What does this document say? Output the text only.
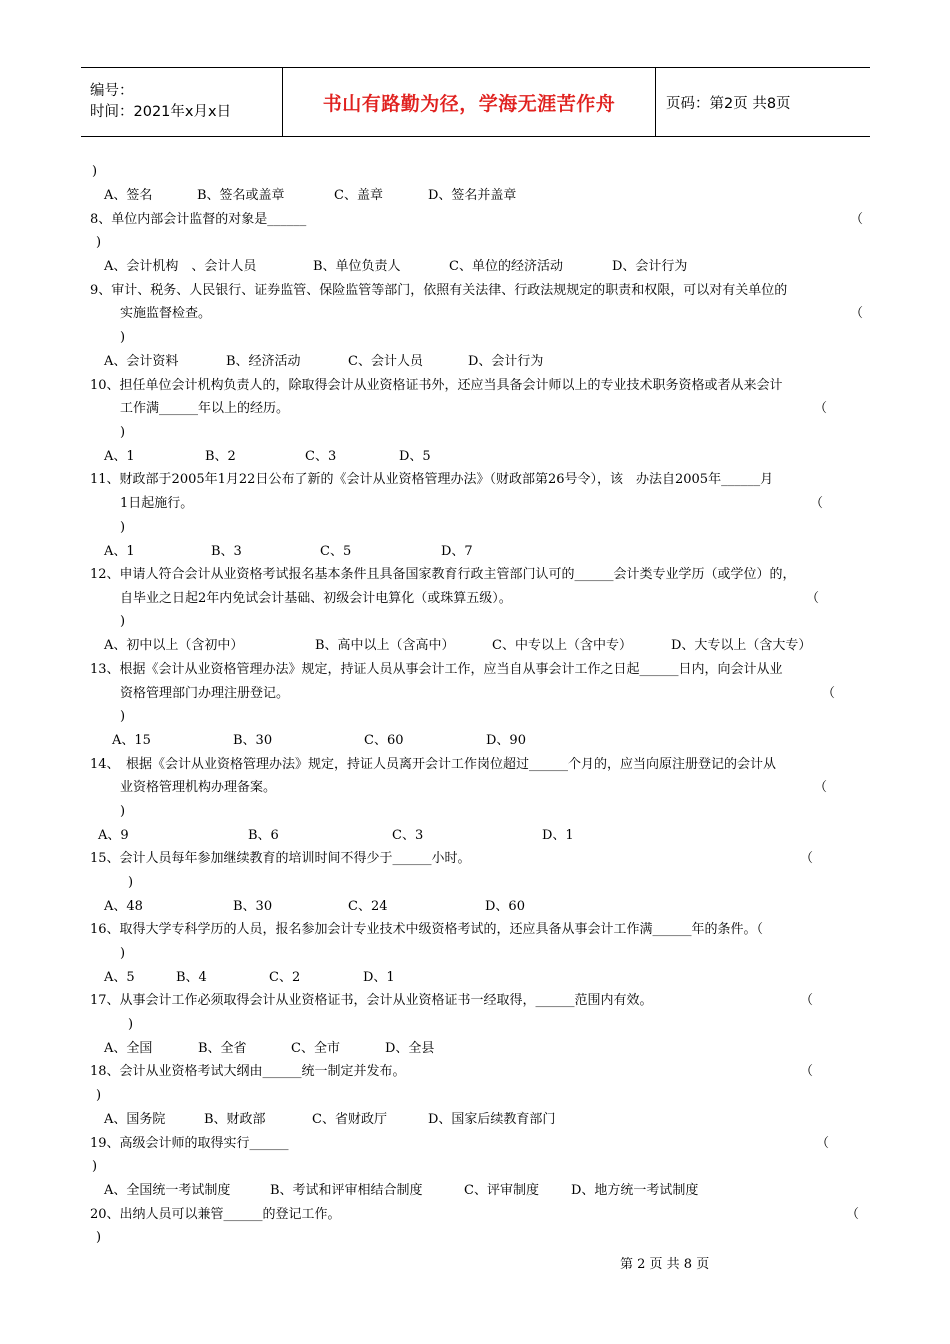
编号：
时间：2021年x月x日	书山有路勤为径，学海无涯苦作舟	页码：第2页 共8页
)
A、签名	B、签名或盖章	C、盖章	D、签名并盖章
8、单位内部会计监督的对象是______	（
)
A、会计机构　、会计人员	B、单位负责人	C、单位的经济活动	D、会计行为
9、审计、税务、人民银行、证券监管、保险监管等部门，依照有关法律、行政法规规定的职责和权限，可以对有关单位的
实施监督检查。	（
)
A、会计资料	B、经济活动	C、会计人员	D、会计行为
10、担任单位会计机构负责人的，除取得会计从业资格证书外，还应当具备会计师以上的专业技术职务资格或者从来会计
工作满______年以上的经历。	（
)
A、1	B、2	C、3	D、5
11、财政部于2005年1月22日公布了新的《会计从业资格管理办法》（财政部第26号令），该　办法自2005年______月
1日起施行。	（
)
A、1	B、3	C、5	D、7
12、申请人符合会计从业资格考试报名基本条件且具备国家教育行政主管部门认可的______会计类专业学历（或学位）的，
自毕业之日起2年内免试会计基础、初级会计电算化（或珠算五级）。	（
)
A、初中以上（含初中）	B、高中以上（含高中）	C、中专以上（含中专）	D、大专以上（含大专）
13、根据《会计从业资格管理办法》规定，持证人员从事会计工作，应当自从事会计工作之日起______日内，向会计从业
资格管理部门办理注册登记。	（
)
A、15	B、30	C、60	D、90
14、　根据《会计从业资格管理办法》规定，持证人员离开会计工作岗位超过______个月的，应当向原注册登记的会计从
业资格管理机构办理备案。	（
)
A、9	B、6	C、3	D、1
15、会计人员每年参加继续教育的培训时间不得少于______小时。	（
)
A、48	B、30	C、24	D、60
16、取得大学专科学历的人员，报名参加会计专业技术中级资格考试的，还应具备从事会计工作满______年的条件。（
)
A、5	B、4	C、2	D、1
17、从事会计工作必须取得会计从业资格证书，会计从业资格证书一经取得，______范围内有效。	（
)
A、全国	B、全省	C、全市	D、全县
18、会计从业资格考试大纲由______统一制定并发布。	（
)
A、国务院	B、财政部	C、省财政厅	D、国家后续教育部门
19、高级会计师的取得实行______	（
)
A、全国统一考试制度	B、考试和评审相结合制度	C、评审制度 D、地方统一考试制度
20、出纳人员可以兼管______的登记工作。	（
)
第 2 页 共 8 页
